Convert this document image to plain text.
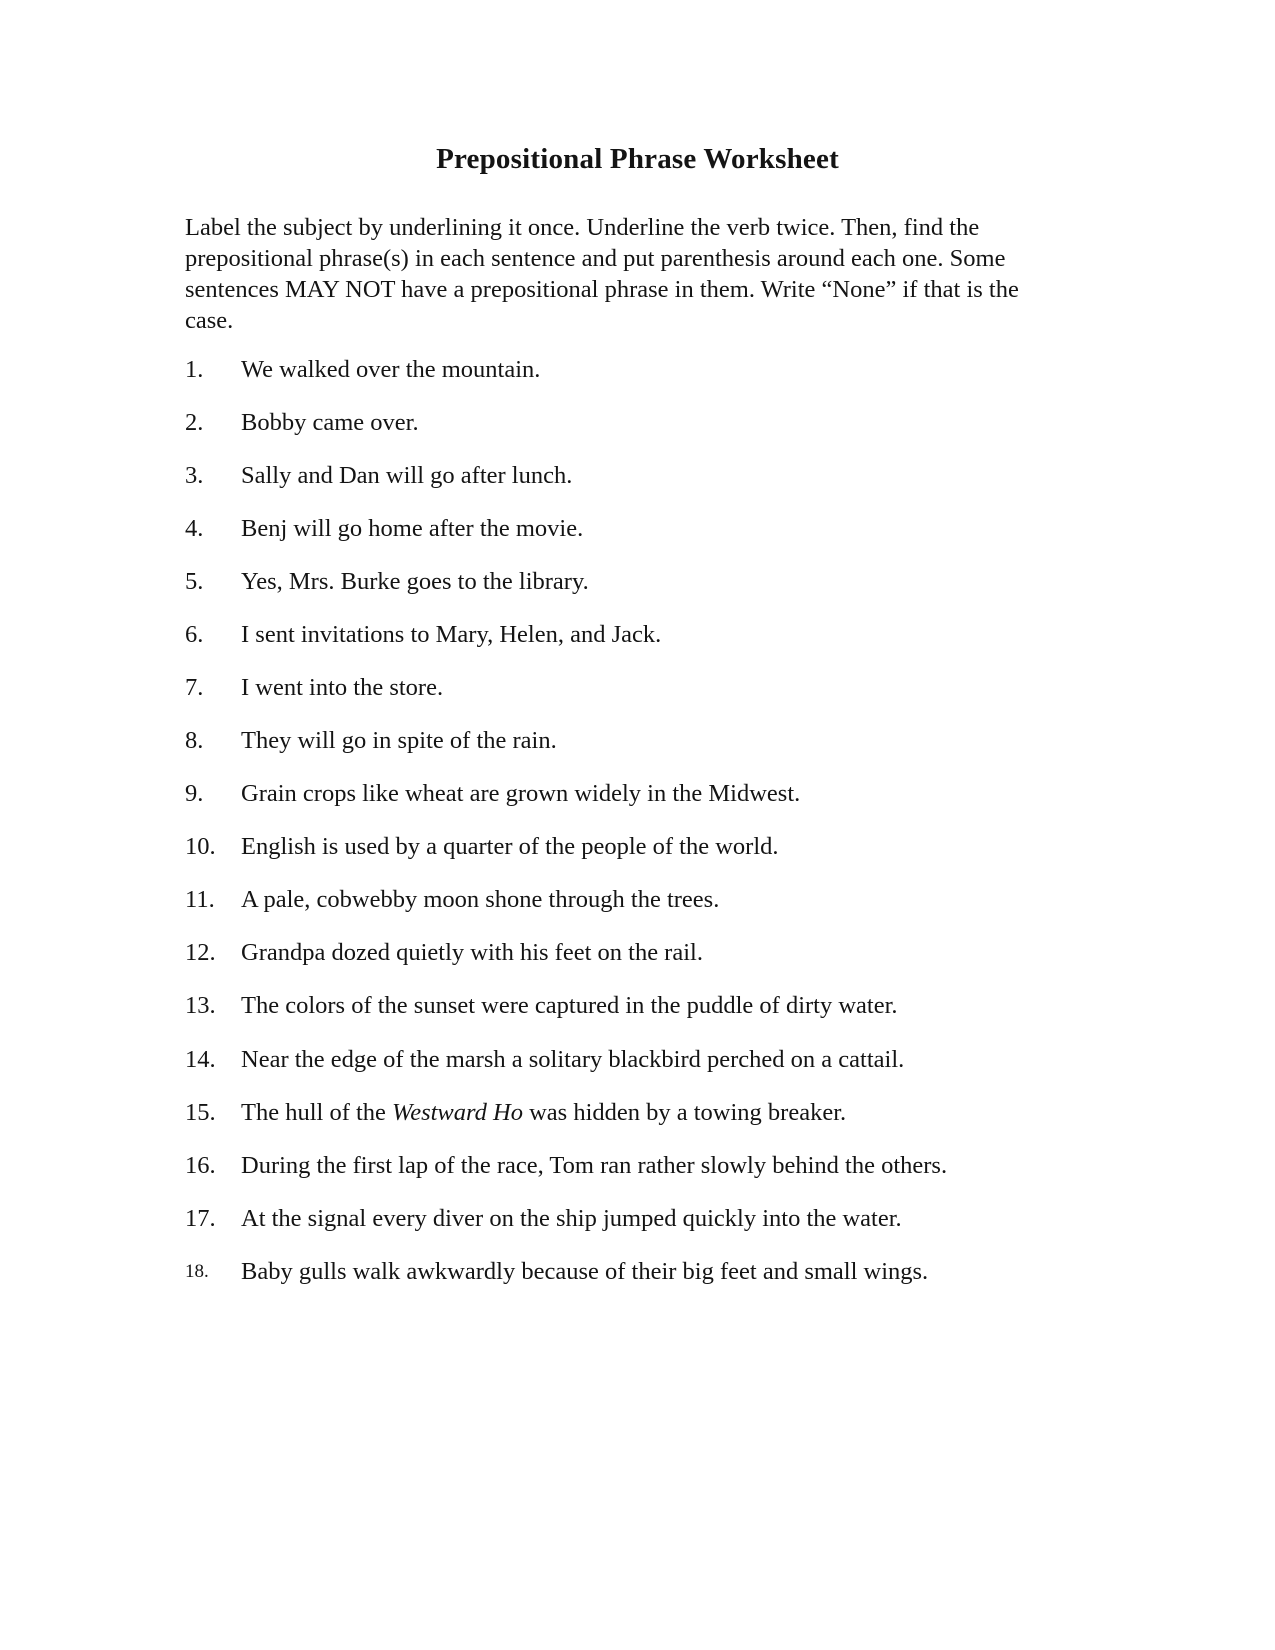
Prepositional Phrase Worksheet

Label the subject by underlining it once. Underline the verb twice. Then, find the prepositional phrase(s) in each sentence and put parenthesis around each one. Some sentences MAY NOT have a prepositional phrase in them. Write “None” if that is the case.

1. We walked over the mountain.
2. Bobby came over.
3. Sally and Dan will go after lunch.
4. Benj will go home after the movie.
5. Yes, Mrs. Burke goes to the library.
6. I sent invitations to Mary, Helen, and Jack.
7. I went into the store.
8. They will go in spite of the rain.
9. Grain crops like wheat are grown widely in the Midwest.
10. English is used by a quarter of the people of the world.
11. A pale, cobwebby moon shone through the trees.
12. Grandpa dozed quietly with his feet on the rail.
13. The colors of the sunset were captured in the puddle of dirty water.
14. Near the edge of the marsh a solitary blackbird perched on a cattail.
15. The hull of the Westward Ho was hidden by a towing breaker.
16. During the first lap of the race, Tom ran rather slowly behind the others.
17. At the signal every diver on the ship jumped quickly into the water.
18. Baby gulls walk awkwardly because of their big feet and small wings.
